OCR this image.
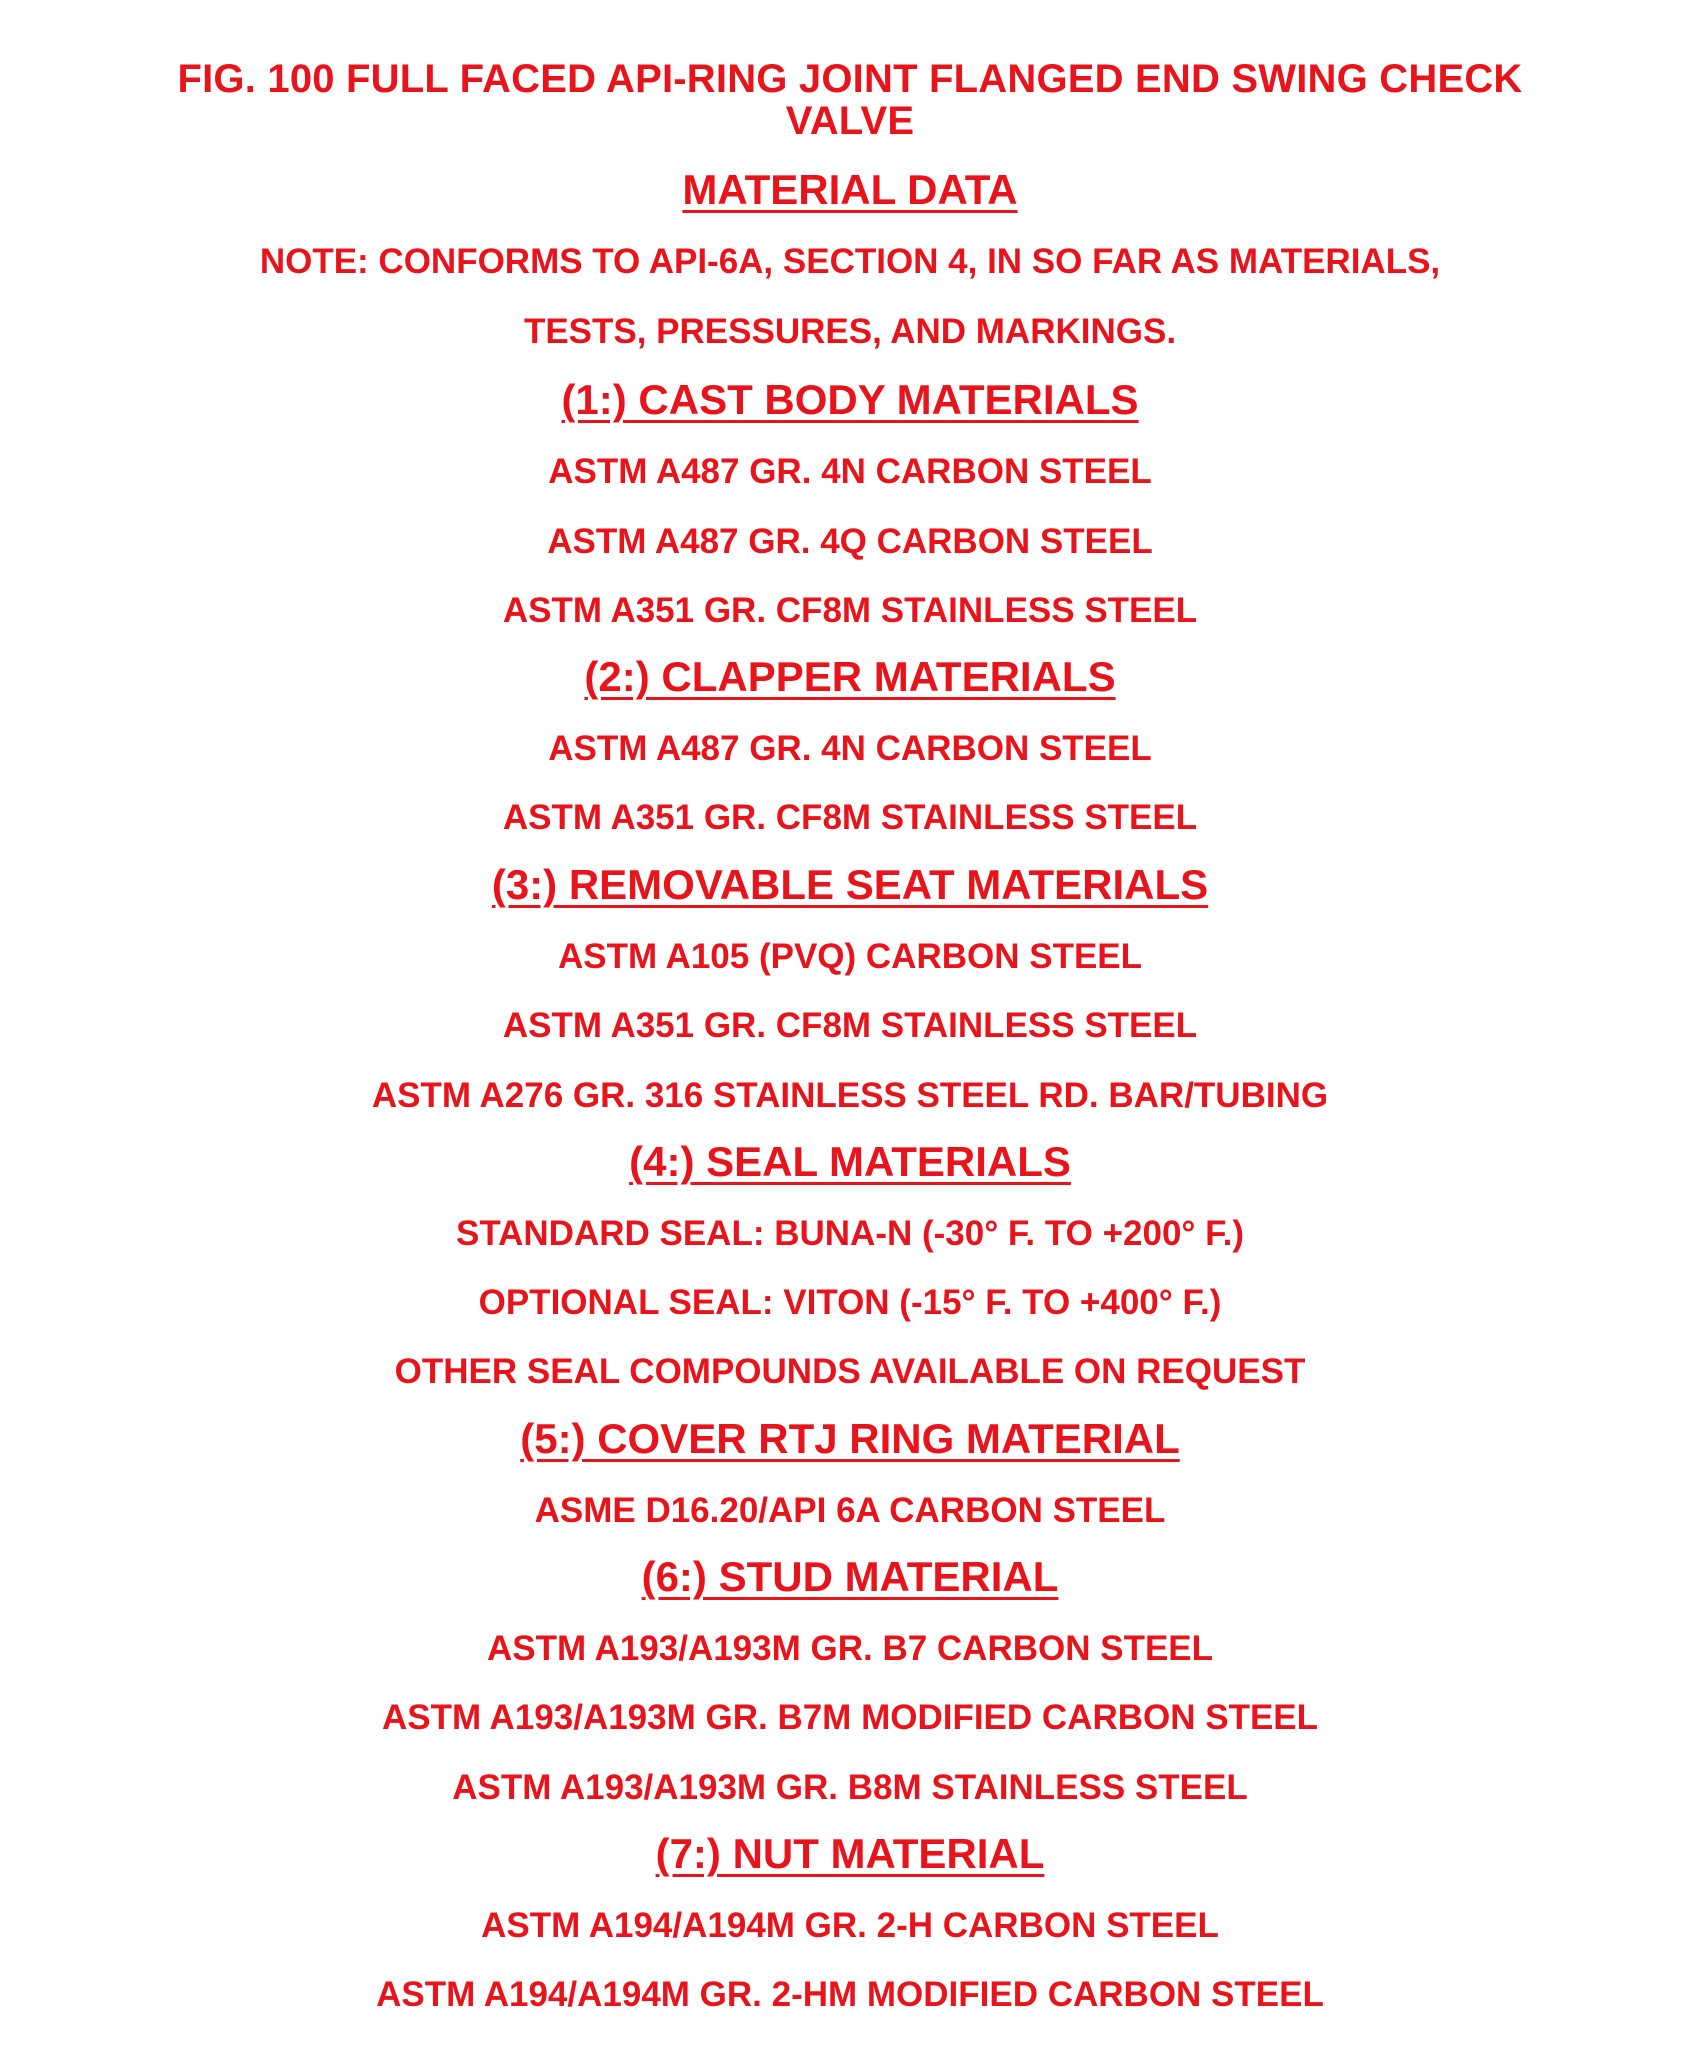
FIG. 100 FULL FACED API-RING JOINT FLANGED END SWING CHECK VALVE
MATERIAL DATA
NOTE: CONFORMS TO API-6A, SECTION 4, IN SO FAR AS MATERIALS,
TESTS, PRESSURES, AND MARKINGS.
(1:) CAST BODY MATERIALS
ASTM A487 GR. 4N CARBON STEEL
ASTM A487 GR. 4Q CARBON STEEL
ASTM A351 GR. CF8M STAINLESS STEEL
(2:) CLAPPER MATERIALS
ASTM A487 GR. 4N CARBON STEEL
ASTM A351 GR. CF8M STAINLESS STEEL
(3:) REMOVABLE SEAT MATERIALS
ASTM A105 (PVQ) CARBON STEEL
ASTM A351 GR. CF8M STAINLESS STEEL
ASTM A276 GR. 316 STAINLESS STEEL RD. BAR/TUBING
(4:) SEAL MATERIALS
STANDARD SEAL: BUNA-N (-30° F. TO +200° F.)
OPTIONAL SEAL: VITON (-15° F. TO +400° F.)
OTHER SEAL COMPOUNDS AVAILABLE ON REQUEST
(5:) COVER RTJ RING MATERIAL
ASME D16.20/API 6A CARBON STEEL
(6:) STUD MATERIAL
ASTM A193/A193M GR. B7 CARBON STEEL
ASTM A193/A193M GR. B7M MODIFIED CARBON STEEL
ASTM A193/A193M GR. B8M STAINLESS STEEL
(7:) NUT MATERIAL
ASTM A194/A194M GR. 2-H CARBON STEEL
ASTM A194/A194M GR. 2-HM MODIFIED CARBON STEEL
